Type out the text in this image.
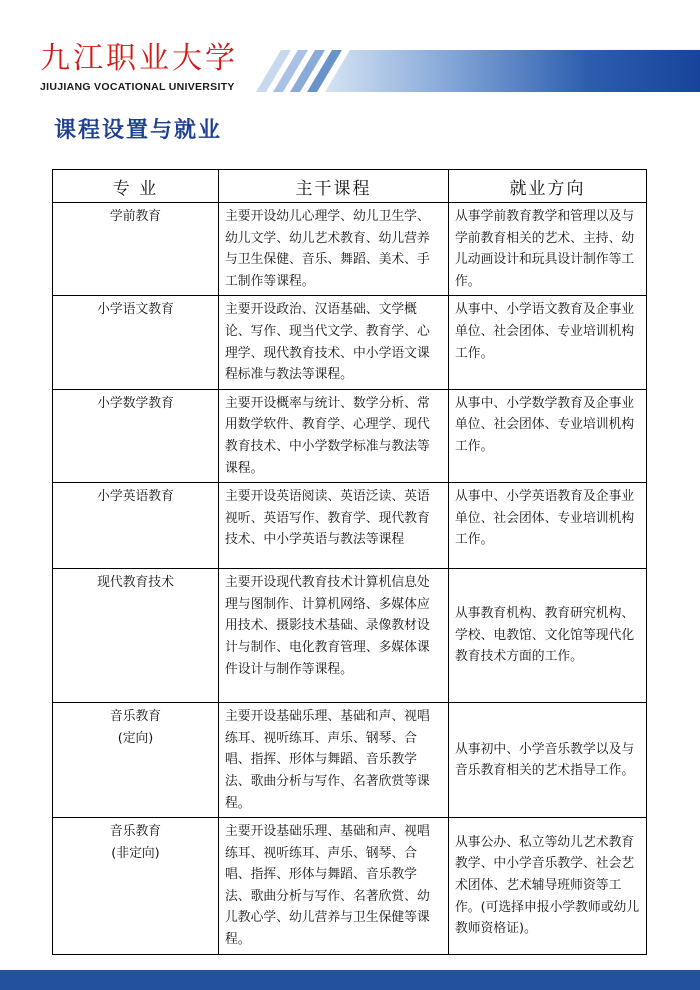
九江职业大学
JIUJIANG VOCATIONAL UNIVERSITY
课程设置与就业
专 业	主干课程	就业方向

学前教育	主要开设幼儿心理学、幼儿卫生学、幼儿文学、幼儿艺术教育、幼儿营养与卫生保健、音乐、舞蹈、美术、手工制作等课程。	从事学前教育教学和管理以及与学前教育相关的艺术、主持、幼儿动画设计和玩具设计制作等工作。

小学语文教育	主要开设政治、汉语基础、文学概论、写作、现当代文学、教育学、心理学、现代教育技术、中小学语文课程标准与教法等课程。	从事中、小学语文教育及企事业单位、社会团体、专业培训机构工作。

小学数学教育	主要开设概率与统计、数学分析、常用数学软件、教育学、心理学、现代教育技术、中小学数学标准与教法等课程。	从事中、小学数学教育及企事业单位、社会团体、专业培训机构工作。

小学英语教育	主要开设英语阅读、英语泛读、英语视听、英语写作、教育学、现代教育技术、中小学英语与教法等课程	从事中、小学英语教育及企事业单位、社会团体、专业培训机构工作。

现代教育技术	主要开设现代教育技术计算机信息处理与图制作、计算机网络、多媒体应用技术、摄影技术基础、录像教材设计与制作、电化教育管理、多媒体课件设计与制作等课程。	从事教育机构、教育研究机构、学校、电教馆、文化馆等现代化教育技术方面的工作。

音乐教育
(定向)	主要开设基础乐理、基础和声、视唱练耳、视听练耳、声乐、钢琴、合唱、指挥、形体与舞蹈、音乐教学法、歌曲分析与写作、名著欣赏等课程。	从事初中、小学音乐教学以及与音乐教育相关的艺术指导工作。

音乐教育
(非定向)	主要开设基础乐理、基础和声、视唱练耳、视听练耳、声乐、钢琴、合唱、指挥、形体与舞蹈、音乐教学法、歌曲分析与写作、名著欣赏、幼儿教心学、幼儿营养与卫生保健等课程。	从事公办、私立等幼儿艺术教育教学、中小学音乐教学、社会艺术团体、艺术辅导班师资等工作。(可选择申报小学教师或幼儿教师资格证)。
